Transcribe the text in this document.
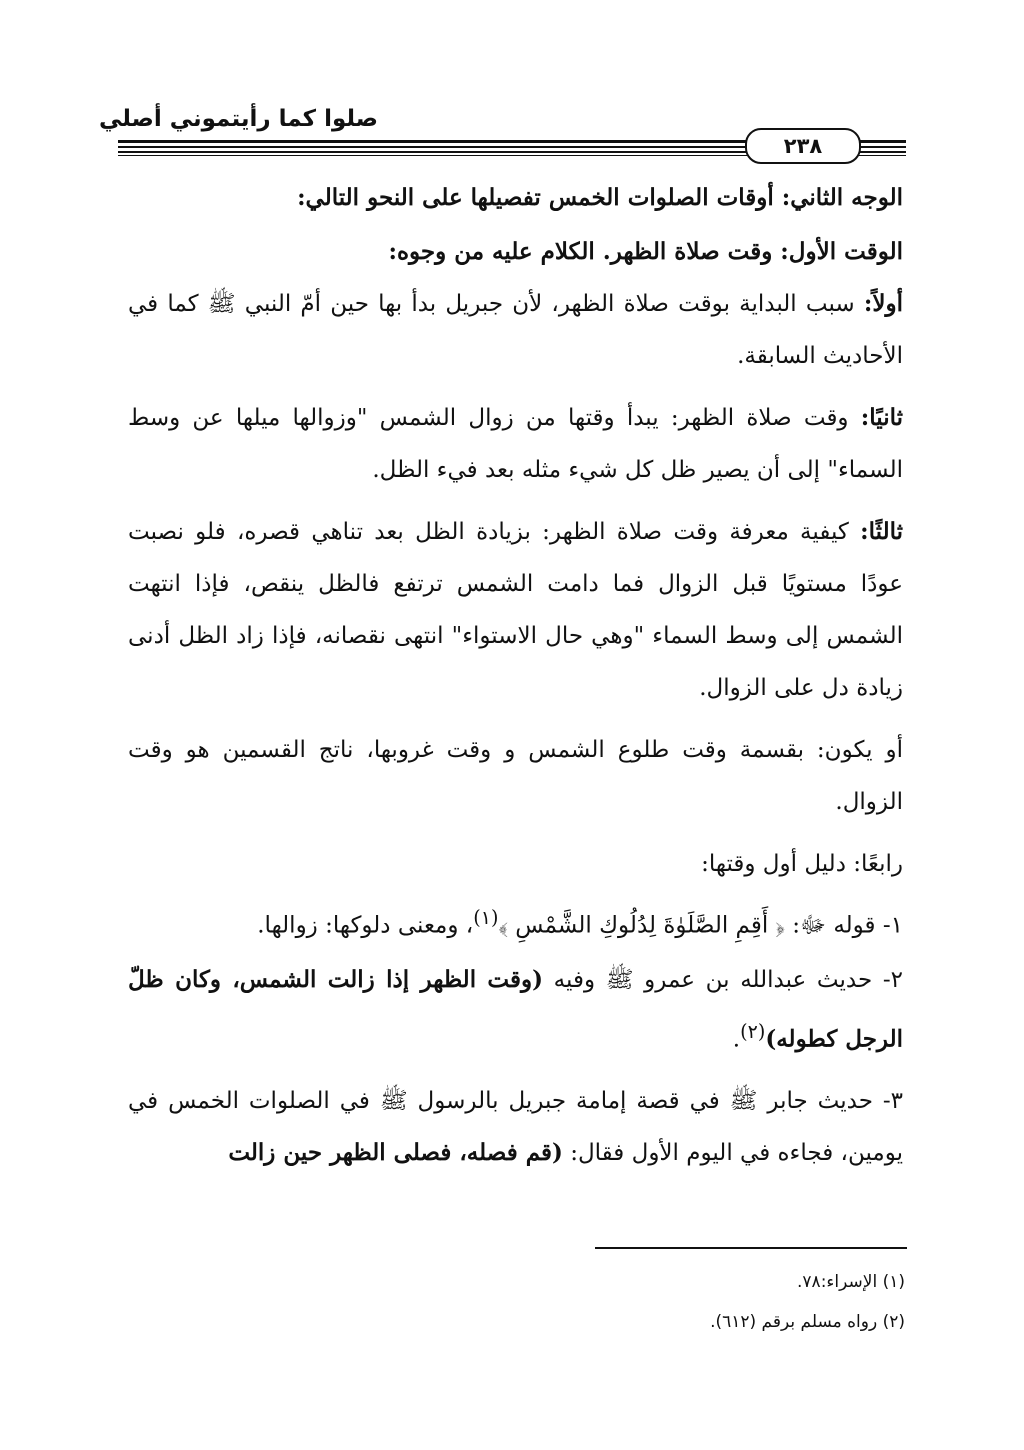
صلوا كما رأيتموني أصلي
٢٣٨

الوجه الثاني: أوقات الصلوات الخمس تفصيلها على النحو التالي:

الوقت الأول: وقت صلاة الظهر. الكلام عليه من وجوه:

أولاً: سبب البداية بوقت صلاة الظهر، لأن جبريل بدأ بها حين أمّ النبي ﷺ كما في الأحاديث السابقة.

ثانيًا: وقت صلاة الظهر: يبدأ وقتها من زوال الشمس "وزوالها ميلها عن وسط السماء" إلى أن يصير ظل كل شيء مثله بعد فيء الظل.

ثالثًا: كيفية معرفة وقت صلاة الظهر: بزيادة الظل بعد تناهي قصره، فلو نصبت عودًا مستويًا قبل الزوال فما دامت الشمس ترتفع فالظل ينقص، فإذا انتهت الشمس إلى وسط السماء "وهي حال الاستواء" انتهى نقصانه، فإذا زاد الظل أدنى زيادة دل على الزوال.

أو يكون: بقسمة وقت طلوع الشمس و وقت غروبها، ناتج القسمين هو وقت الزوال.

رابعًا: دليل أول وقتها:

١- قوله ﷻ: ﴿ أَقِمِ الصَّلَوٰةَ لِدُلُوكِ الشَّمْسِ ﴾$^{(١)}$، ومعنى دلوكها: زوالها.

٢- حديث عبدالله بن عمرو ﷺ وفيه (وقت الظهر إذا زالت الشمس، وكان ظلّ الرجل كطوله)$^{(٢)}$.

٣- حديث جابر ﷺ في قصة إمامة جبريل بالرسول ﷺ في الصلوات الخمس في يومين، فجاءه في اليوم الأول فقال: (قم فصله، فصلى الظهر حين زالت

(١) الإسراء:٧٨.

(٢) رواه مسلم برقم (٦١٢).
